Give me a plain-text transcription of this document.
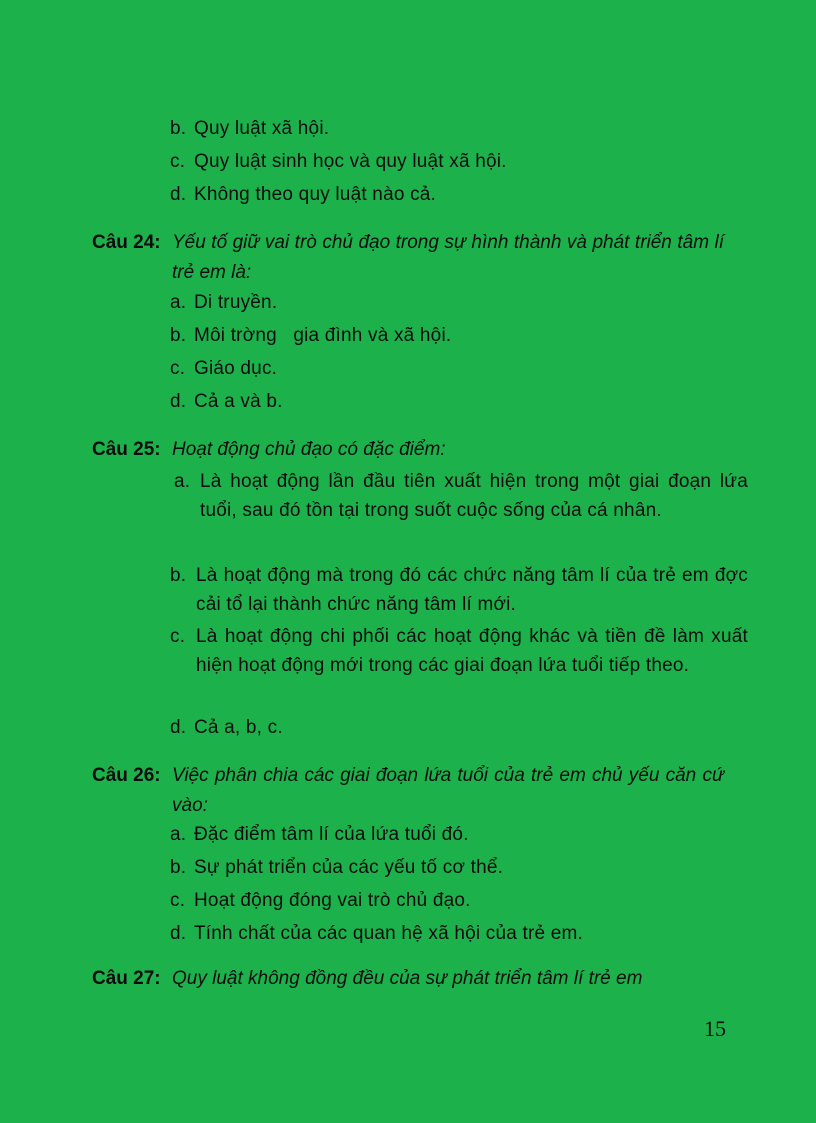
b. Quy luật xã hội.
c. Quy luật sinh học và quy luật xã hội.
d. Không theo quy luật nào cả.
Câu 24: Yếu tố giữ vai trò chủ đạo trong sự hình thành và phát triển tâm lí trẻ em là:
a. Di truyền.
b. Môi trờng   gia đình và xã hội.
c. Giáo dục.
d. Cả a và b.
Câu 25: Hoạt động chủ đạo có đặc điểm:
a. Là hoạt động lần đầu tiên xuất hiện trong một giai đoạn lứa tuổi, sau đó tồn tại trong suốt cuộc sống của cá nhân.
b. Là hoạt động mà trong đó các chức năng tâm lí của trẻ em đợc   cải tổ lại thành chức năng tâm lí mới.
c. Là hoạt động chi phối các hoạt động khác và tiền đề làm xuất hiện hoạt động mới trong các giai đoạn lứa tuổi tiếp theo.
d. Cả a, b, c.
Câu 26: Việc phân chia các giai đoạn lứa tuổi của trẻ em chủ yếu căn cứ vào:
a. Đặc điểm tâm lí của lứa tuổi đó.
b. Sự phát triển của các yếu tố cơ thể.
c. Hoạt động đóng vai trò chủ đạo.
d. Tính chất của các quan hệ xã hội của trẻ em.
Câu 27: Quy luật không đồng đều của sự phát triển tâm lí trẻ em
15
